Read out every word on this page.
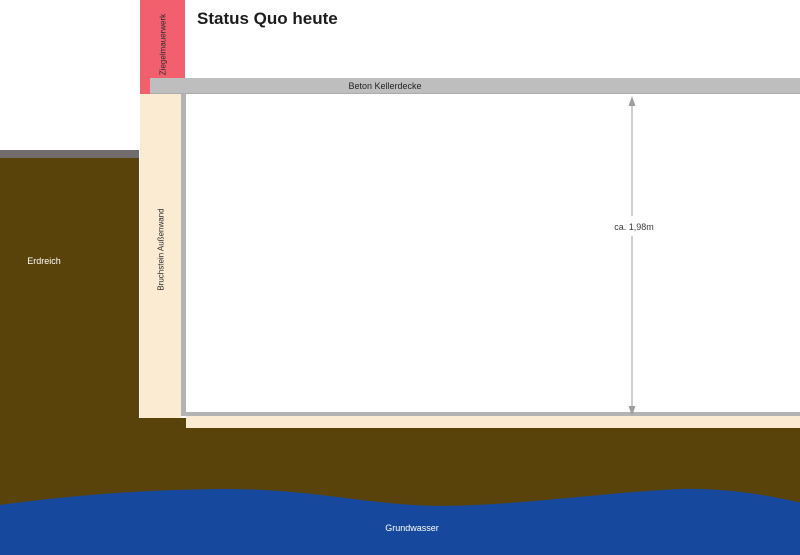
Status Quo heute
Erdreich
Grundwasser
Ziegelmauerwerk
Beton Kellerdecke
Bruchstein Außenwand	ca. 1,98m
